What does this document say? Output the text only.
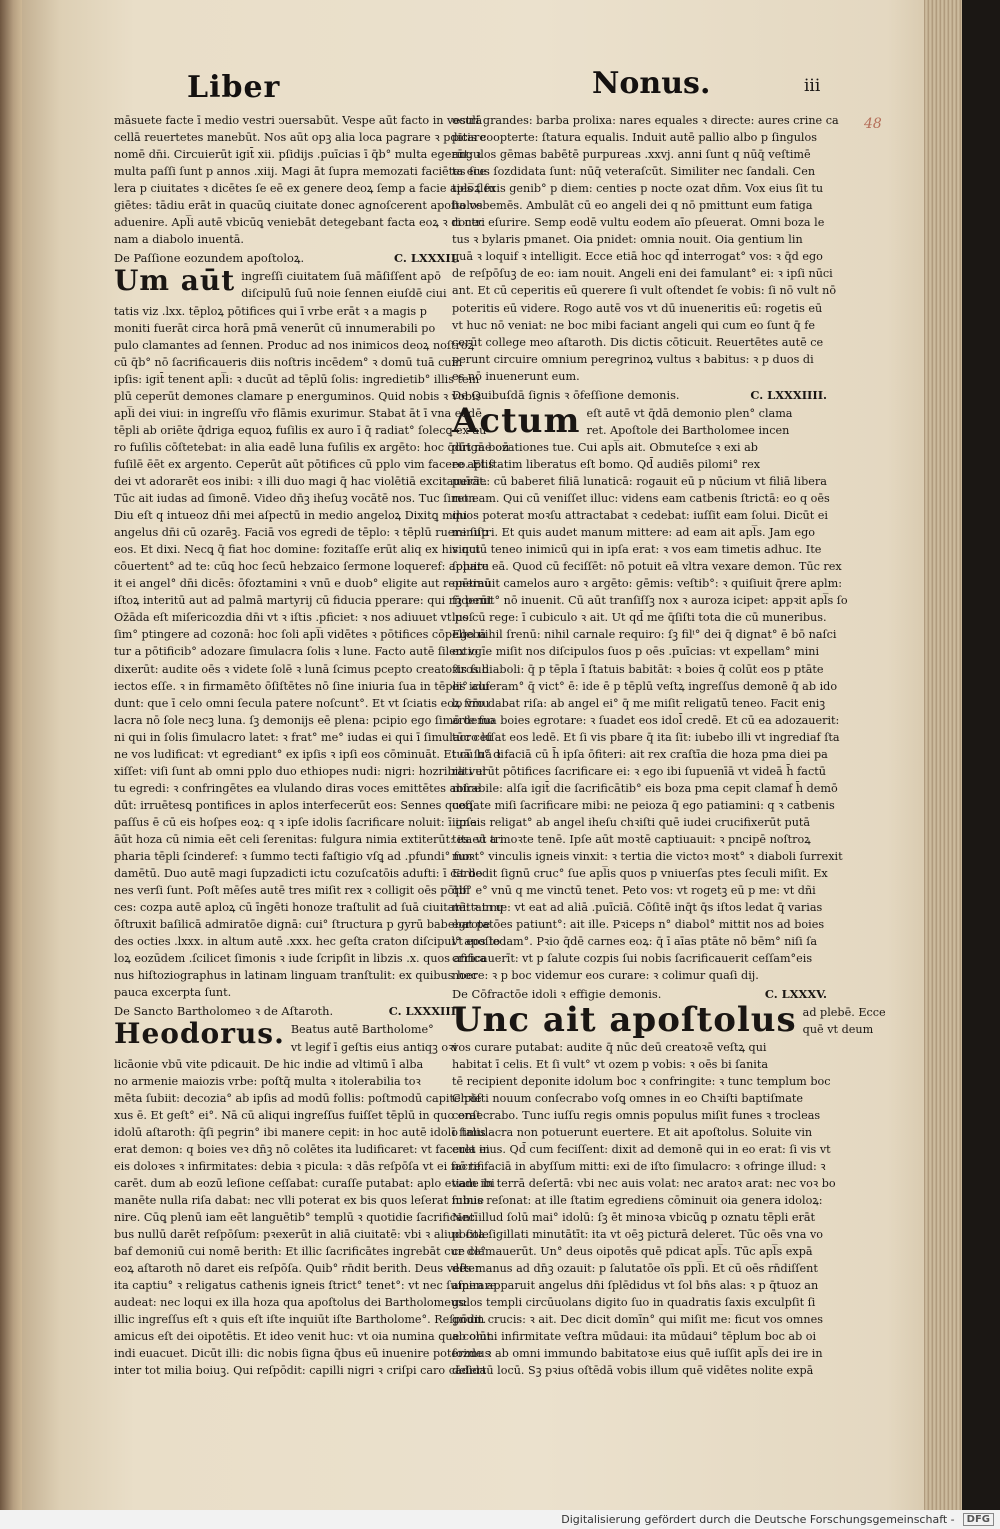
Liber	Nonus.	iii
48
māsuete facte ī medio vestri ↄuersabūt. Vespe aūt facto in vestrā
cellā reuertetes manebūt. Nos aūt opꝫ alia loca pagrare ꝛ pdicare
nomē dn̄i. Circuierūt igit̄ xii. pſidijs .puīcias ī q̄b° multa egerūt: ꝛ
multa paſſi ſunt p annos .xiij. Magi āt ſupra memozati faciētes ſce
lera p ciuitates ꝛ dicētes ſe eē ex genere deoꝝ ſemp a facie aplo̅ꝝ fu
giētes: tādiu erāt in quacūꝗ ciuitate donec agnoſcerent apoſtolos
aduenire. Apl̅i autē vbicūꝗ veniebāt detegebant facta eoꝝ ꝛ doctri
nam a diabolo inuentā.
De Paſſione eozundem apoſtoloꝝ.	C. LXXXII.
Um aūt ingreſſi ciuitatem ſuā māſiſſent apō
diſcipulū ſuū noie ſennen eiuſdē ciui
tatis viz .lxx. tēploꝝ pōtifices qui ī vrbe erāt ꝛ a magis p
moniti fuerāt circa horā pmā venerūt cū innumerabili po
pulo clamantes ad ſennen. Produc ad nos inimicos deoꝝ noſtroꝝ
cū q̄b° nō ſacrificaueris diis noſtris incēdem° ꝛ domū tuā cum
ipſis: igit̄ tenent apl̅i: ꝛ ducūt ad tēplū ſolis: ingredietib° illis tem
plū ceperūt demones clamare p energuminos. Quid nobis ꝛ vobis
apl̅i dei viui: in ingreſſu vr̄o flāmis exurimur. Stabat āt ī vna eadē
tēpli ab oriēte q̄driga equoꝝ fuſilis ex auro ī q̄ radiat° ſolecꝗ ex au
ro fuſilis cōſtetebat: in alia eadē luna fuſilis ex argēto: hoc q̄drigā boū
fuſilē ēēt ex argento. Ceperūt aūt pōtifices cū pplo vim facere aplis
dei vt adorarēt eos inibi: ꝛ illi duo magi q̄ hac violētiā excitauerāt.
Tūc ait iudas ad ſimonē. Video dn̄ꝫ iheſuꝫ vocātē nos. Tuc ſimon
Diu eſt q intueoz dn̄i mei aſpectū in medio angeloꝝ Dixitꝗ mihi
angelus dn̄i cū ozarēꝫ. Faciā vos egredi de tēplo: ꝛ tēplū ruere ſup
eos. Et dixi. Necꝗ q̄ fiat hoc domine: fozitaſſe erūt aliq ex his qui
cōuertent° ad te: cūꝗ hoc ſecū hebzaico ſermone loqueref: apparu
it ei angel° dn̄i dicēs: ōfoztamini ꝛ vnū e duob° eligite aut repētinū
iſtoꝝ interitū aut ad palmā martyrij cū fiducia pperare: qui rn̄derūt
Oz̄āda eſt miſericozdia dn̄i vt ꝛ iſtis .pficiet: ꝛ nos adiuuet vt poſ
ſim° ptingere ad cozonā: hoc ſoli apl̅i vidētes ꝛ pōtifices cōpellebā
tur a pōtificib° adozare ſimulacra ſolis ꝛ lune. Facto autē ſilentio
dixerūt: audite oēs ꝛ videte ſolē ꝛ lunā ſcimus pcepto creatoꝛis ſub
iectos eſſe. ꝛ in firmamēto ōſiſtētes nō ſine iniuria ſua in tēplis iclu
dunt: que ī celo omni ſecula patere noſcunt°. Et vt ſciatis eoꝝ ſimu
lacra nō ſole necꝫ luna. ſꝫ demonijs eē plena: pcipio ego ſimō demo
ni qui in ſolis ſimulacro latet: ꝛ frat° me° iudas ei qui ī ſimulacro lu
ne vos ludificat: vt egrediant° ex ipſis ꝛ ipſi eos cōminuāt. Et cū h° di
xiſſet: viſi ſunt ab omni pplo duo ethiopes nudi: nigri: hozribili vul
tu egredi: ꝛ confringētes ea vlulando diras voces emittētes abſce
dūt: irruētesꝗ pontifices in aplos interfecerūt eos: Sennes quoꝗ
paſſus ē cū eis hoſpes eoꝝ: q ꝛ ipſe idolis ſacrificare noluit: ī ipſa
āūt hoza cū nimia eēt celi ſerenitas: fulgura nimia extiterūt: ita vt tri
pharia tēpli ſcinderef: ꝛ ſummo tecti faſtigio vſꝗ ad .pfundi° fun
damētū. Duo autē magi ſupzadicti ictu cozuſcatōis adufti: ī carbo
nes verſi ſunt. Poſt mēſes autē tres miſit rex ꝛ colligit oēs pōtifi
ces: cozpa autē aploꝝ cū īngēti honoze traſtulit ad ſuā ciuitatē: ꝛ in q
ōſtruxit baſilicā admiratōe dignā: cui° ſtructura p gyrū babebat pe
des octies .lxxx. in altum autē .xxx. hec geſta craton diſcipul° apoſto
loꝝ eozūdem .ſcilicet ſimonis ꝛ iude ſcripſit in libzis .x. quos africa
nus hiſtoziographus in latinam linguam tranſtulit: ex quibus hec
pauca excerpta ſunt.
De Sancto Bartholomeo ꝛ de Aſtaroth.	C. LXXXIII.
Heodorus. Beatus autē Bartholome°
vt legif ī geſtis eius antiqꝫ oꝛi
licāonie vbū vite pdicauit. De hic indie ad vltimū ī alba
no armenie maiozis vrbe: poſtq̄ multa ꝛ itolerabilia toꝛ
mēta ſubiit: decozia° ab ipſis ad modū follis: poſtmodū capite ple
xus ē. Et geſt° ei°. Nā cū aliqui ingreſſus fuiſſet tēplū in quo erat
idolū aſtaroth: q̄ſi pegrin° ibi manere cepit: in hoc autē idolo talis
erat demon: q boies veꝛ dn̄ꝫ nō colētes ita ludificaret: vt faceret in
eis doloꝛes ꝛ infirmitates: debia ꝛ picula: ꝛ dās reſpōſa vt ei ſacrifi
carēt. dum ab eozū leſione ceſſabat: curaſſe putabat: aplo etiam ibi
manēte nulla riſa dabat: nec vlli poterat ex bis quos leſerat ſubue
nire. Cūꝗ plenū iam eēt languētib° templū ꝛ quotidie ſacrificantī
bus nullū darēt reſpōſum: pꝛexerūt in aliā ciuitatē: vbi ꝛ aliud cole
baf demoniū cui nomē berith: Et illic ſacrificātes ingrebāt cur de°
eoꝝ aſtaroth nō daret eis reſpōſa. Quib° rn̄dit berith. Deus veſter
ita captiu° ꝛ religatus cathenis igneis ſtrict° tenet°: vt nec ſuſpirare
audeat: nec loqui ex illa hoza qua apoſtolus dei Bartholomeus:
illic ingreſſus eſt ꝛ quis eſt iſte inquiūt iſte Bartholome°. Reſpōdit.
amicus eſt dei oipotētis. Et ideo venit huc: vt oia numina que colūt
indi euacuet. Dicūt illi: dic nobis ſigna q̄bus eū inuenire poterimus
inter tot milia boiuꝫ. Qui reſpōdit: capilli nigri ꝛ criſpi caro cādida
oculi grandes: barba prolixa: nares equales ꝛ directe: aures crine ca
pitis coopterte: ſtatura equalis. Induit autē pallio albo p ſingulos
angulos gēmas babētē purpureas .xxvj. anni ſunt q nūq̄ veſtimē
ta eius ſozdidata ſunt: nūq̄ veteraſcūt. Similiter nec ſandali. Cen
ties flexis genib° p diem: centies p nocte ozat dn̄m. Vox eius ſit tu
ba vebemēs. Ambulāt cū eo angeli dei q nō pmittunt eum fatiga
ri nec eſurire. Semp eodē vultu eodem aīo pſeuerat. Omni boza le
tus ꝛ bylaris pmanet. Oia pnidet: omnia nouit. Oia gentium lin
guā ꝛ loquif ꝛ intelligit. Ecce etiā hoc qd̄ interrogat° vos: ꝛ q̄d ego
de reſpōſuꝫ de eo: iam nouit. Angeli eni dei famulant° ei: ꝛ ipſi nūci
ant. Et cū ceperitis eū querere ſi vult oſtendet ſe vobis: ſi nō vult nō
poteritis eū videre. Rogo autē vos vt dū inueneritis eū: rogetis eū
vt huc nō veniat: ne boc mibi faciant angeli qui cum eo ſunt q̄ fe
cerūt college meo aſtaroth. Dis dictis cōticuit. Reuertētes autē ce
perunt circuire omnium peregrinoꝝ vultus ꝛ babitus: ꝛ p duos di
es nō inuenerunt eum.
De Quibuſdā ſignis ꝛ ōfeſſione demonis.	C. LXXXIIII.
Actum eſt autē vt q̄dā demonio plen° clama
ret. Apoſtole dei Bartholomee incen
dūt me ozationes tue. Cui apl̅s ait. Obmuteſce ꝛ exi ab
eo. Et ſtatim liberatus eſt bomo. Qd̄ audiēs pilomi° rex
puīcie: cū baberet filiā lunaticā: rogauit eū p nūcium vt filiā libera
ret eam. Qui cū veniſſet illuc: videns eam catbenis ſtrictā: eo q oēs
quos poterat moꝛſu attractabat ꝛ cedebat: iuſſit eam ſolui. Dicūt ei
miniſtri. Et quis audet manum mittere: ad eam ait apl̅s. Jam ego
vinctū teneo inimicū qui in ipſa erat: ꝛ vos eam timetis adhuc. Ite
ſoluite eā. Quod cū feciſſēt: nō potuit eā vltra vexare demon. Tūc rex
onerauit camelos auro ꝛ argēto: gēmis: veſtib°: ꝛ quiſiuit q̄rere aplm:
ſꝫ penit° nō inuenit. Cū aūt tranſiſſꝫ nox ꝛ auroza icipet: appꝛit apl̅s ſo
lus cū rege: ī cubiculo ꝛ ait. Ut qd̄ me q̄ſiſti tota die cū muneribus.
Ego nihil ſrenū: nihil carnale requiro: ſꝫ filⁱ° dei q̄ dignat° ē bō naſci
ex vgīe miſit nos diſcipulos ſuos p oēs .puīcias: vt expellam° mini
ſtros diaboli: q̄ p tēpla ī ſtatuis babitāt: ꝛ boies q̄ colūt eos p ptāte
ei° auferam° q̄ vict° ē: ide ē p tēplū veſtꝝ ingreſſus demonē q̄ ab ido
lo vr̄o dabat riſa: ab angel ei° q̄ me miſit religatū teneo. Facit eniꝫ
arte ſua boies egrotare: ꝛ ſuadet eos idol̄ credē. Et cū ea adozauerit:
tūc ceſſat eos ledē. Et ſi vis pbare q̄ ita ſit: iubebo illi vt ingrediaf ſta
tuā ſuā ꝛ faciā cū h̄ ipſa ōfiteri: ait rex craſtīa die hoza pma diei pa
rati erūt pōtifices ſacrificare ei: ꝛ ego ibi ſupuenīā vt videā h̄ factū
mirabile: alſa igit̄ die ſacrificātib° eis boza pma cepit clamaf h̄ demō
ceſſate miſi ſacrificare mibi: ne peioza q̄ ego patiamini: q ꝛ catbenis
igneis religat° ab angel iheſu chꝛiſti quē iudei crucifixerūt putā
tes eū a moꝛte tenē. Ipſe aūt moꝛtē captiuauit: ꝛ pncipē noſtroꝝ
moꝛt° vinculis igneis vinxit: ꝛ tertia die victoꝛ moꝛt° ꝛ diaboli ſurrexit
Et dedit ſignū cruc° ſue apl̅is quos p vniuerſas ptes ſeculi miſit. Ex
q̄b° e° vnū q me vinctū tenet. Peto vos: vt rogetꝫ eū p me: vt dñi
mittat me: vt eat ad aliā .puīciā. Cōſitē inq̄t q̄s iſtos ledat q̄ varias
egrotatōes patiunt°: ait ille. Pꝛiceps n° diabol° mittit nos ad boies
vt eos ledam°. Pꝛio q̄dē carnes eoꝝ: q̄ ī aīas ptāte nō bēm° niſi ſa
crificauerīt: vt p ſalute cozpis ſui nobis ſacrificauerit ceſſam°eis
noere: ꝛ p boc videmur eos curare: ꝛ colimur quaſi dij.
De Cōfractōe idoli ꝛ effigie demonis.	C. LXXXV.
Unc ait apoſtolus ad plebē. Ecce
quē vt deum
vos curare putabat: audite q̄ nūc deū creatoꝛē veſtꝝ qui
habitat ī celis. Et ſi vult° vt ozem p vobis: ꝛ oēs bi ſanita
tē recipient deponite idolum boc ꝛ confringite: ꝛ tunc templum boc
Chꝛiſti nouum conſecrabo voſꝗ omnes in eo Chꝛiſti baptiſmate
conſecrabo. Tunc iuſſu regis omnis populus miſit funes ꝛ trocleas
ī ſimulacra non potuerunt euertere. Et ait apoſtolus. Soluite vin
cula eius. Qd̄ cum feciſſent: dixit ad demonē qui in eo erat: ſi vis vt
nō te faciā in abyſſum mitti: exi de iſto ſimulacro: ꝛ ofringe illud: ꝛ
vade in terrā deſertā: vbi nec auis volat: nec aratoꝛ arat: nec voꝛ bo
minis reſonat: at ille ſtatim egrediens cōminuit oia genera idoloꝝ:
Nec illud ſolū mai° idolū: ſꝫ ēt minoꝛa vbicūꝗ p oznatu tēpli erāt
poſita ſigillati minutātīt: ita vt oēꝫ picturā deleret. Tūc oēs vna vo
ce clamauerūt. Un° deus oipotēs quē pdicat apl̅s. Tūc apl̅s expā
dēs manus ad dn̄ꝫ ozauit: p ſalutatōe oīs ppl̅i. Et cū oēs rn̄diſſent
amen apparuit angelus dn̄i ſplēdidus vt ſol bn̄s alas: ꝛ p q̄tuoz an
gulos templi circūuolans digito ſuo in quadratis ſaxis exculpſit ſi
gnum crucis: ꝛ ait. Dec dicit domīn° qui miſit me: ficut vos omnes
ab omni infirmitate veſtra mūdaui: ita mūdaui° tēplum boc ab oi
ſozde ꝛ ab omni immundo babitatoꝛe eius quē iuſſit apl̅s dei ire in
deſertū locū. Sꝫ pꝛius oſtēdā vobis illum quē vidētes nolite expā
Digitalisierung gefördert durch die Deutsche Forschungsgemeinschaft -	DFG
